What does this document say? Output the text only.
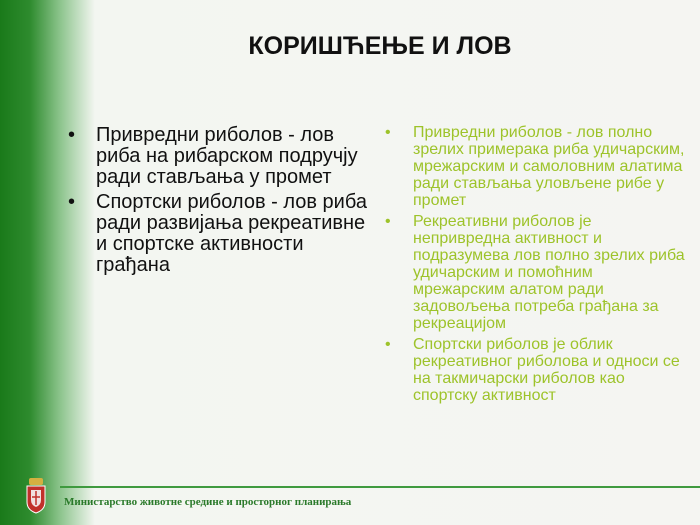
КОРИШЋЕЊЕ И ЛОВ
• Привредни риболов - лов риба на рибарском подручју ради стављања у промет
• Спортски риболов - лов риба ради развијања рекреативне и спортске активности грађана
• Привредни риболов - лов полно зрелих примерака риба удичарским, мрежарским и самоловним алатима ради стављања уловљене рибе у промет
• Рекреативни риболов је непривредна активност и подразумева лов полно зрелих риба удичарским и помоћним мрежарским алатом ради задовољења потреба грађана за рекреацијом
• Спортски риболов је облик рекреативног риболова и односи се на такмичарски риболов као спортску активност
Министарство животне средине и просторног планирања
